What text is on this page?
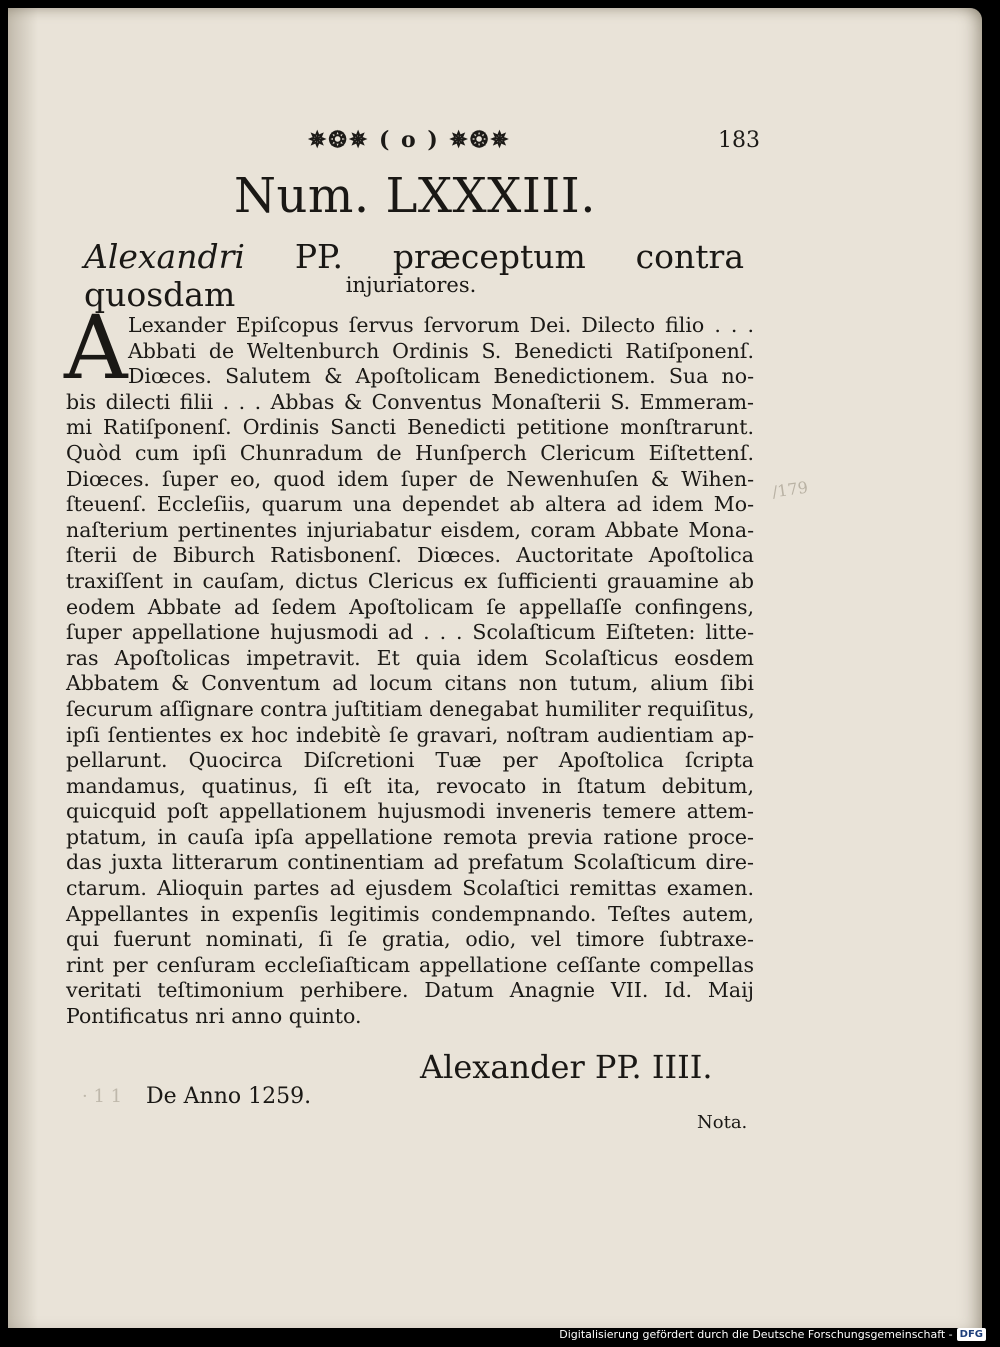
✵❂✵ ( o ) ✵❂✵	183
Num. LXXXIII.
Alexandri PP. præceptum contra quosdam	injuriatores.
A Lexander Epiſcopus ſervus ſervorum Dei. Dilecto filio . . .
Abbati de Weltenburch Ordinis S. Benedicti Ratiſponenſ.
Diœces. Salutem & Apoſtolicam Benedictionem. Sua no-
bis dilecti filii . . . Abbas & Conventus Monaſterii S. Emmeram-
mi Ratiſponenſ. Ordinis Sancti Benedicti petitione monſtrarunt.
Quòd cum ipſi Chunradum de Hunſperch Clericum Eiſtettenſ.
Diœces. ſuper eo, quod idem ſuper de Newenhuſen & Wihen-
ſteuenſ. Eccleſiis, quarum una dependet ab altera ad idem Mo-
naſterium pertinentes injuriabatur eisdem, coram Abbate Mona-
ſterii de Biburch Ratisbonenſ. Diœces. Auctoritate Apoſtolica
traxiſſent in cauſam, dictus Clericus ex ſufficienti grauamine ab
eodem Abbate ad ſedem Apoſtolicam ſe appellaſſe confingens,
ſuper appellatione hujusmodi ad . . . Scolaſticum Eiſteten: litte-
ras Apoſtolicas impetravit. Et quia idem Scolaſticus eosdem
Abbatem & Conventum ad locum citans non tutum, alium ſibi
ſecurum aſſignare contra juſtitiam denegabat humiliter requiſitus,
ipſi ſentientes ex hoc indebitè ſe gravari, noſtram audientiam ap-
pellarunt. Quocirca Diſcretioni Tuæ per Apoſtolica ſcripta
mandamus, quatinus, ſi eſt ita, revocato in ſtatum debitum,
quicquid poſt appellationem hujusmodi inveneris temere attem-
ptatum, in cauſa ipſa appellatione remota previa ratione proce-
das juxta litterarum continentiam ad prefatum Scolaſticum dire-
ctarum. Alioquin partes ad ejusdem Scolaſtici remittas examen.
Appellantes in expenſis legitimis condempnando. Teſtes autem,
qui fuerunt nominati, ſi ſe gratia, odio, vel timore ſubtraxe-
rint per cenſuram eccleſiaſticam appellatione ceſſante compellas
veritati teſtimonium perhibere. Datum Anagnie VII. Id. Maij
Pontificatus nri anno quinto.
/179
· 1 1
Alexander PP. IIII.
De Anno 1259.
Nota.
Digitalisierung gefördert durch die Deutsche Forschungsgemeinschaft - DFG
